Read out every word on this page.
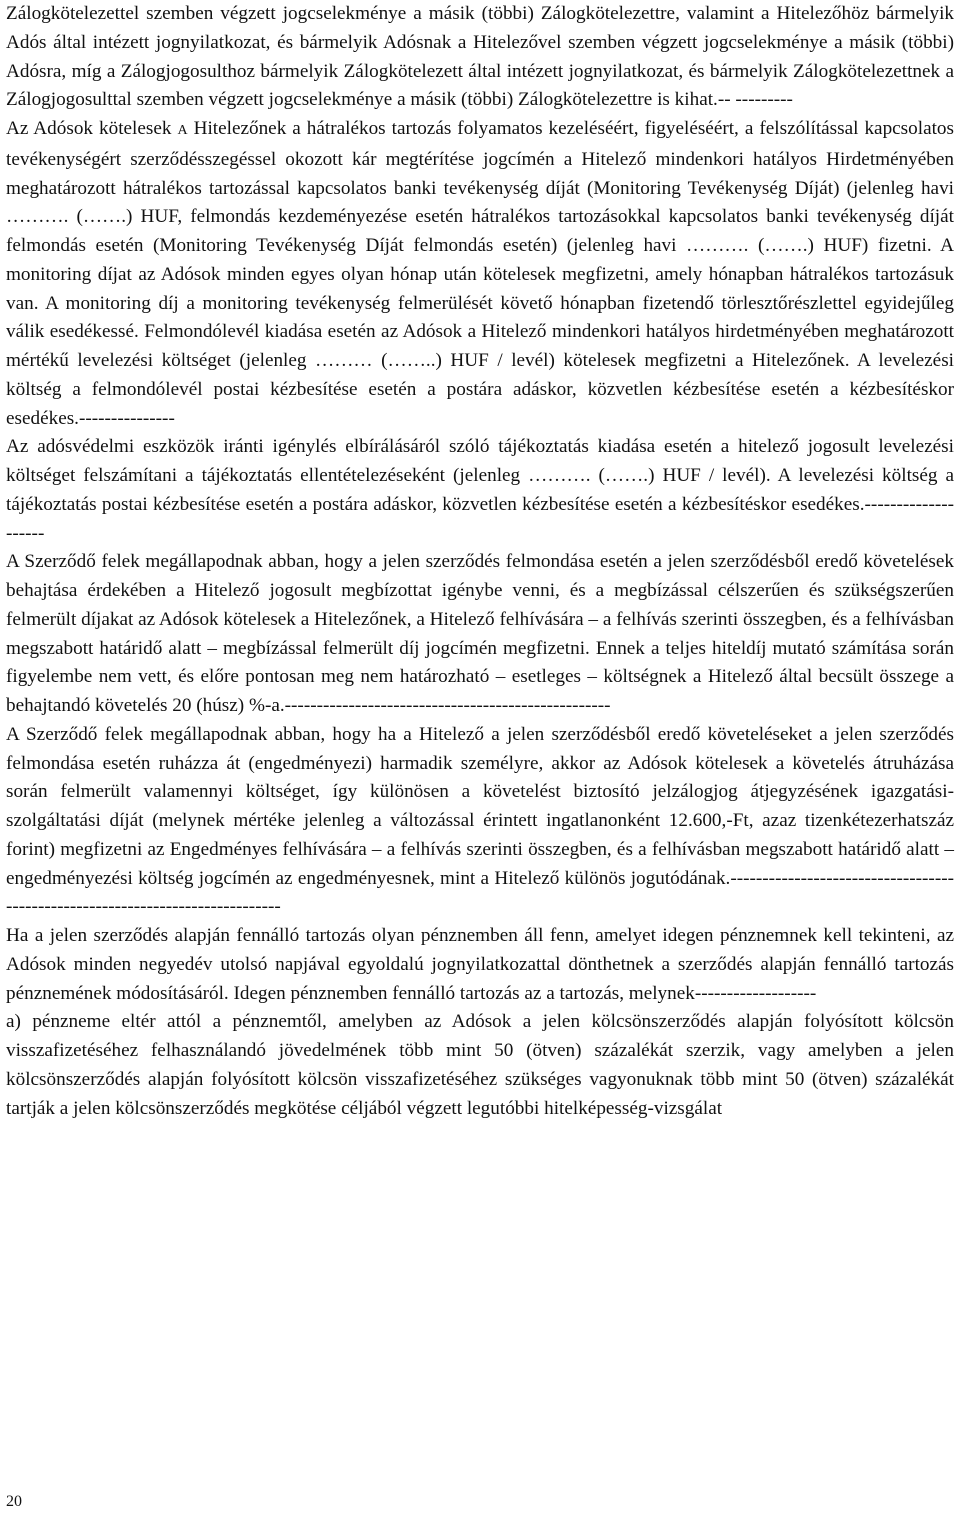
Zálogkötelezettel szemben végzett jogcselekménye a másik (többi) Zálogkötelezettre, valamint a Hitelezőhöz bármelyik Adós által intézett jognyilatkozat, és bármelyik Adósnak a Hitelezővel szemben végzett jogcselekménye a másik (többi) Adósra, míg a Zálogjogosulthoz bármelyik Zálogkötelezett által intézett jognyilatkozat, és bármelyik Zálogkötelezettnek a Zálogjogosulttal szemben végzett jogcselekménye a másik (többi) Zálogkötelezettre is kihat.-- ---------

Az Adósok kötelesek A Hitelezőnek a hátralékos tartozás folyamatos kezeléséért, figyeléséért, a felszólítással kapcsolatos tevékenységért szerződésszegéssel okozott kár megtérítése jogcímén a Hitelező mindenkori hatályos Hirdetményében meghatározott hátralékos tartozással kapcsolatos banki tevékenység díját (Monitoring Tevékenység Díját) (jelenleg havi ………. (…….) HUF, felmondás kezdeményezése esetén hátralékos tartozásokkal kapcsolatos banki tevékenység díját felmondás esetén (Monitoring Tevékenység Díját felmondás esetén) (jelenleg havi ………. (…….) HUF) fizetni. A monitoring díjat az Adósok minden egyes olyan hónap után kötelesek megfizetni, amely hónapban hátralékos tartozásuk van. A monitoring díj a monitoring tevékenység felmerülését követő hónapban fizetendő törlesztőrészlettel egyidejűleg válik esedékessé. Felmondólevél kiadása esetén az Adósok a Hitelező mindenkori hatályos hirdetményében meghatározott mértékű levelezési költséget (jelenleg ……… (……..) HUF / levél) kötelesek megfizetni a Hitelezőnek. A levelezési költség a felmondólevél postai kézbesítése esetén a postára adáskor, közvetlen kézbesítése esetén a kézbesítéskor esedékes.---------------

Az adósvédelmi eszközök iránti igénylés elbírálásáról szóló tájékoztatás kiadása esetén a hitelező jogosult levelezési költséget felszámítani a tájékoztatás ellentételezéseként (jelenleg ………. (…….) HUF / levél). A levelezési költség a tájékoztatás postai kézbesítése esetén a postára adáskor, közvetlen kézbesítése esetén a kézbesítéskor esedékes.--------------------

A Szerződő felek megállapodnak abban, hogy a jelen szerződés felmondása esetén a jelen szerződésből eredő követelések behajtása érdekében a Hitelező jogosult megbízottat igénybe venni, és a megbízással célszerűen és szükségszerűen felmerült díjakat az Adósok kötelesek a Hitelezőnek, a Hitelező felhívására – a felhívás szerinti összegben, és a felhívásban megszabott határidő alatt – megbízással felmerült díj jogcímén megfizetni. Ennek a teljes hiteldíj mutató számítása során figyelembe nem vett, és előre pontosan meg nem határozható – esetleges – költségnek a Hitelező által becsült összege a behajtandó követelés 20 (húsz) %-a.---------------------------------------------------

A Szerződő felek megállapodnak abban, hogy ha a Hitelező a jelen szerződésből eredő követeléseket a jelen szerződés felmondása esetén ruházza át (engedményezi) harmadik személyre, akkor az Adósok kötelesek a követelés átruházása során felmerült valamennyi költséget, így különösen a követelést biztosító jelzálogjog átjegyzésének igazgatási-szolgáltatási díját (melynek mértéke jelenleg a változással érintett ingatlanonként 12.600,-Ft, azaz tizenkétezerhatszáz forint) megfizetni az Engedményes felhívására – a felhívás szerinti összegben, és a felhívásban megszabott határidő alatt – engedményezési költség jogcímén az engedményesnek, mint a Hitelező különös jogutódának.------------------------------------------------------------------------------

Ha a jelen szerződés alapján fennálló tartozás olyan pénznemben áll fenn, amelyet idegen pénznemnek kell tekinteni, az Adósok minden negyedév utolsó napjával egyoldalú jognyilatkozattal dönthetnek a szerződés alapján fennálló tartozás pénznemének módosításáról. Idegen pénznemben fennálló tartozás az a tartozás, melynek-------------------

a) pénzneme eltér attól a pénznemtől, amelyben az Adósok a jelen kölcsönszerződés alapján folyósított kölcsön visszafizetéséhez felhasználandó jövedelmének több mint 50 (ötven) százalékát szerzik, vagy amelyben a jelen kölcsönszerződés alapján folyósított kölcsön visszafizetéséhez szükséges vagyonuknak több mint 50 (ötven) százalékát tartják a jelen kölcsönszerződés megkötése céljából végzett legutóbbi hitelképesség-vizsgálat

20
